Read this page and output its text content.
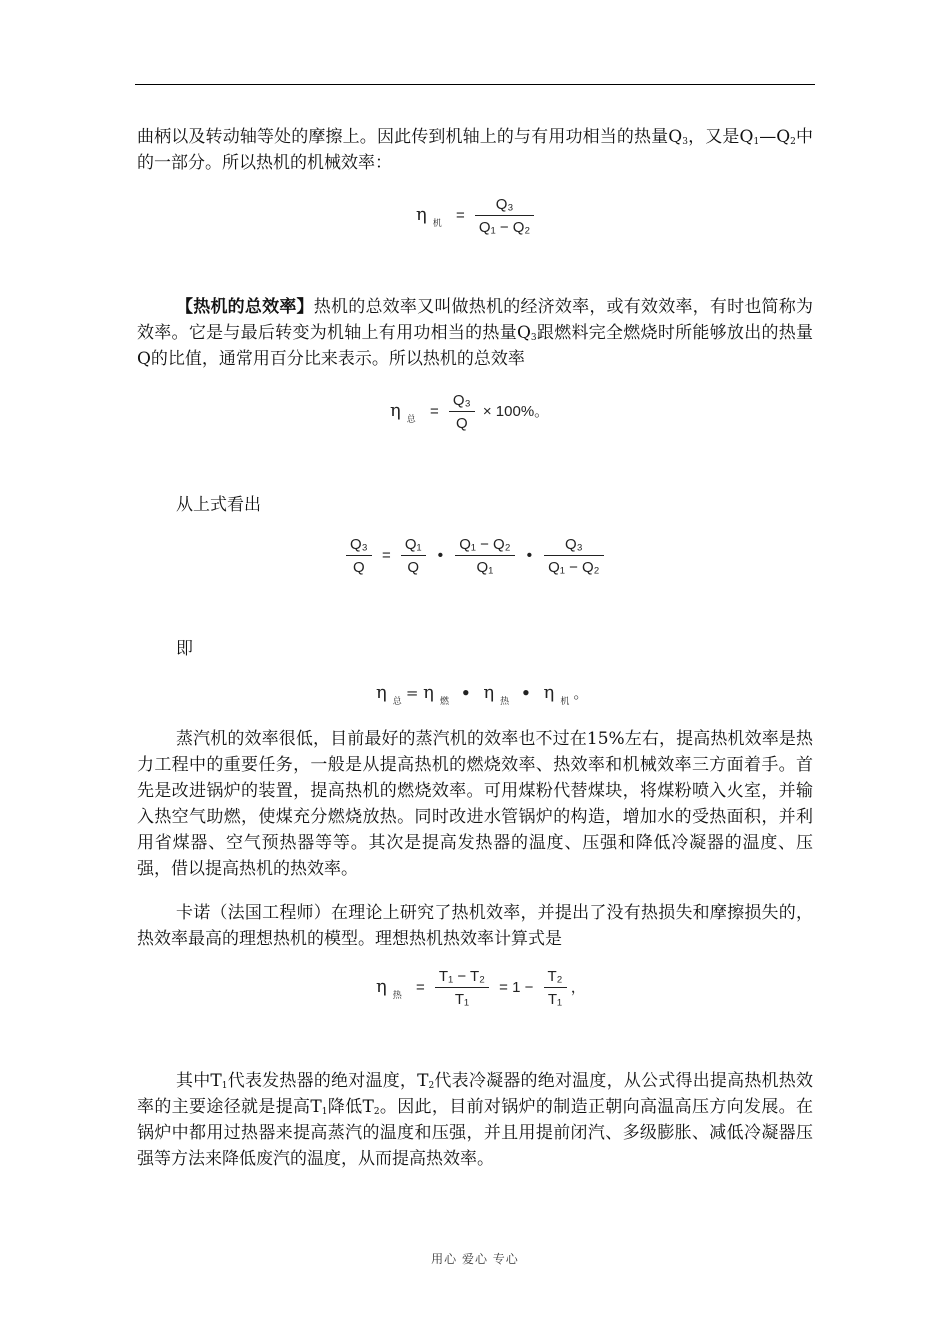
曲柄以及转动轴等处的摩擦上。因此传到机轴上的与有用功相当的热量$Q_3$，又是$Q_1—Q_2$中的一部分。所以热机的机械效率：

η $_机 = \frac{\text{Q₃}}{\text{Q₁ − Q₂}}$

【热机的总效率】热机的总效率又叫做热机的经济效率，或有效效率，有时也简称为效率。它是与最后转变为机轴上有用功相当的热量$Q_3$跟燃料完全燃烧时所能够放出的热量Q的比值，通常用百分比来表示。所以热机的总效率

η $_总 = \frac{\text{Q₃}}{Q} \times 100\%$。
从上式看出
$\frac{\text{Q₃}}{Q} = \frac{\text{Q₁}}{Q}$ • $\frac{\text{Q₁ − Q₂}}{\text{Q₁}}$ • $\frac{\text{Q₃}}{\text{Q₁ − Q₂}}$
即
η $_总$ = η $_燃$ • η $_热$ • η $_机$ 。

蒸汽机的效率很低，目前最好的蒸汽机的效率也不过在15%左右，提高热机效率是热力工程中的重要任务，一般是从提高热机的燃烧效率、热效率和机械效率三方面着手。首先是改进锅炉的装置，提高热机的燃烧效率。可用煤粉代替煤块，将煤粉喷入火室，并输入热空气助燃，使煤充分燃烧放热。同时改进水管锅炉的构造，增加水的受热面积，并利用省煤器、空气预热器等等。其次是提高发热器的温度、压强和降低冷凝器的温度、压强，借以提高热机的热效率。

卡诺（法国工程师）在理论上研究了热机效率，并提出了没有热损失和摩擦损失的，热效率最高的理想热机的模型。理想热机热效率计算式是

η $_热 = \frac{\text{T₁ − T₂}}{\text{T₁}} = 1 - \frac{\text{T₂}}{\text{T₁}}$ ，

其中$T_1$代表发热器的绝对温度，$T_2$代表冷凝器的绝对温度，从公式得出提高热机热效率的主要途径就是提高$T_1$降低$T_2$。因此，目前对锅炉的制造正朝向高温高压方向发展。在锅炉中都用过热器来提高蒸汽的温度和压强，并且用提前闭汽、多级膨胀、减低冷凝器压强等方法来降低废汽的温度，从而提高热效率。

用心 爱心 专心
